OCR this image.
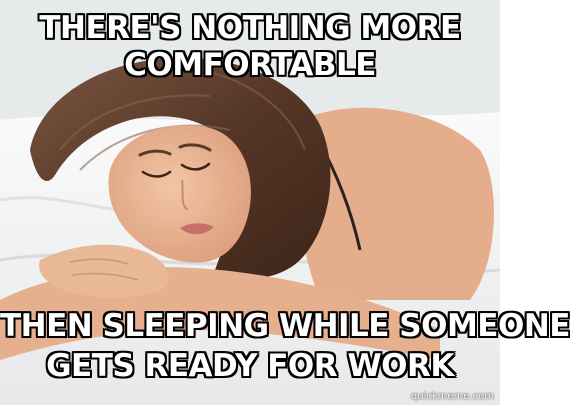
THERE'S NOTHING MORE
COMFORTABLE
THEN SLEEPING WHILE SOMEONE
GETS READY FOR WORK
quickmeme.com
